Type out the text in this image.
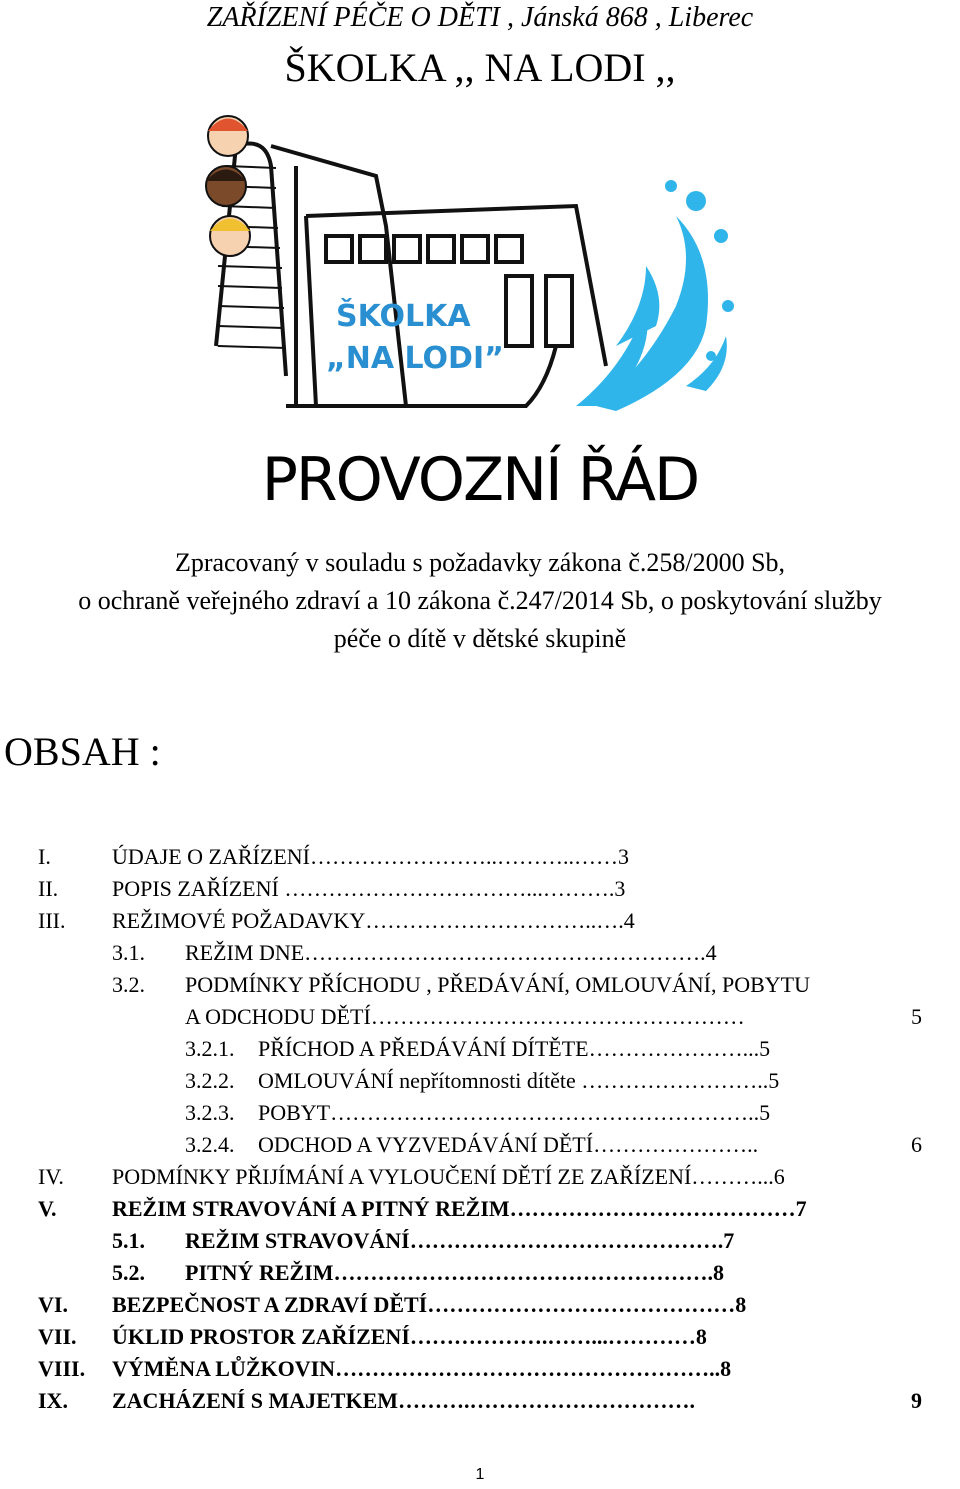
ZAŘÍZENÍ PÉČE O DĚTI , Jánská 868 , Liberec
ŠKOLKA ,, NA LODI ,,
ŠKOLKA
„NA LODI”
PROVOZNÍ ŘÁD
Zpracovaný v souladu s požadavky zákona č.258/2000 Sb,
o ochraně veřejného zdraví a 10 zákona č.247/2014 Sb, o poskytování služby
péče o dítě v dětské skupině
OBSAH :
I.	ÚDAJE O ZAŘÍZENÍ……………………..………..……3
II. POPIS ZAŘÍZENÍ ……………………………...……….3
III. REŽIMOVÉ POŽADAVKY…………………………..….4
3.1. REŽIM DNE……………………………………………….4
3.2. PODMÍNKY PŘÍCHODU , PŘEDÁVÁNÍ, OMLOUVÁNÍ, POBYTU
A ODCHODU DĚTÍ……………………………………………	5
3.2.1. PŘÍCHOD A PŘEDÁVÁNÍ DÍTĚTE…………………...5
3.2.2. OMLOUVÁNÍ nepřítomnosti dítěte ……………………..5
3.2.3. POBYT…………………………………………………..5
3.2.4. ODCHOD A VYZVEDÁVÁNÍ DĚTÍ…………………..	6
IV. PODMÍNKY PŘIJÍMÁNÍ A VYLOUČENÍ DĚTÍ ZE ZAŘÍZENÍ………...6
V.	REŽIM STRAVOVÁNÍ A PITNÝ REŽIM…………………………………7
5.1. REŽIM STRAVOVÁNÍ…………………………………….7
5.2. PITNÝ REŽIM…………………………………………….8
VI. BEZPEČNOST A ZDRAVÍ DĚTÍ……………………………………8
VII. ÚKLID PROSTOR ZAŘÍZENÍ……………….……...…………8
VIII. VÝMĚNA LŮŽKOVIN……………………………………………..8
IX. ZACHÁZENÍ S MAJETKEM……….………………………….	9
1
